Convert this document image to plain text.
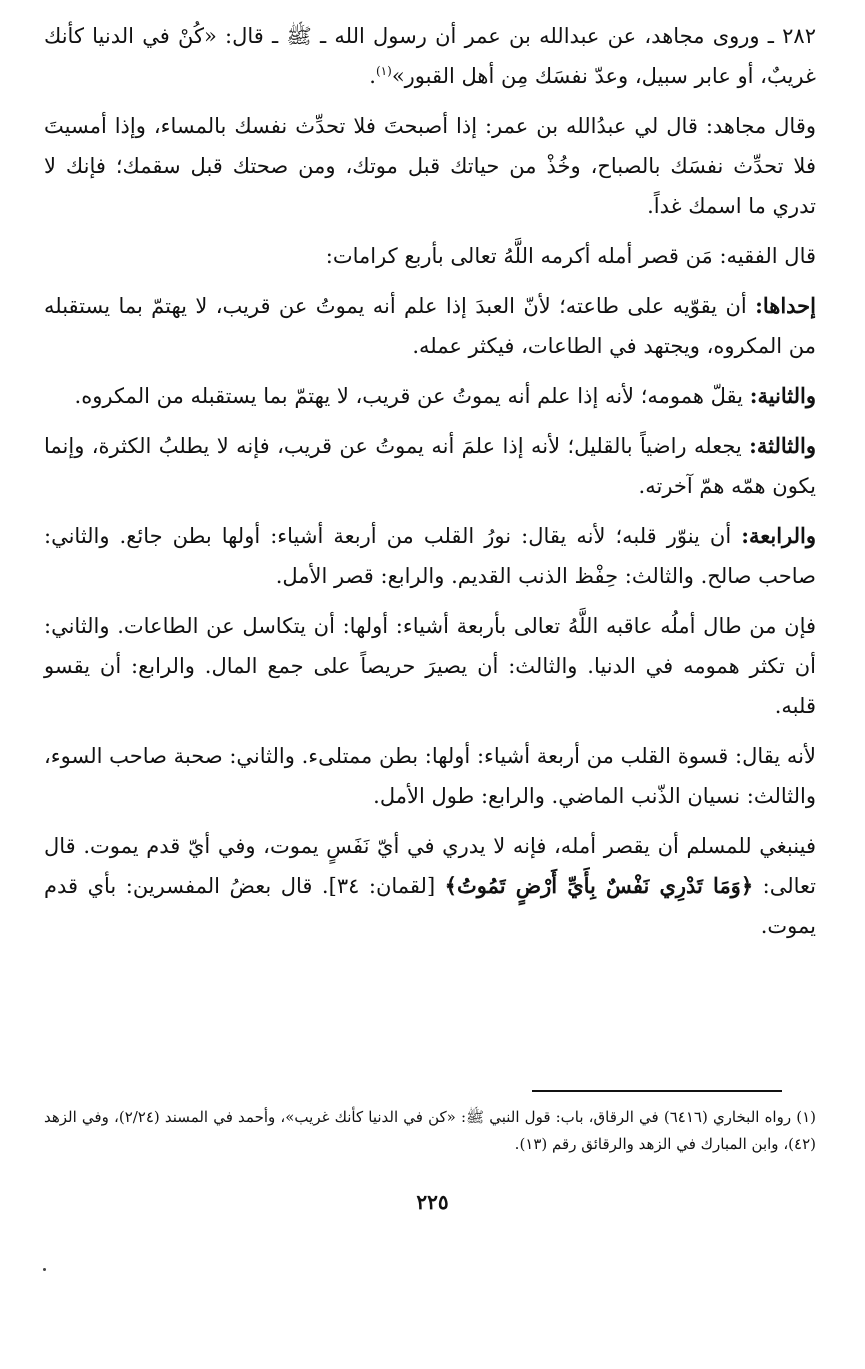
٢٨٢ ـ وروى مجاهد، عن عبدالله بن عمر أن رسول الله ـ ﷺ ـ قال: «كُنْ في الدنيا كأنك غريبٌ، أو عابر سبيل، وعدّ نفسَك مِن أهل القبور»$^{(١)}$.

وقال مجاهد: قال لي عبدُالله بن عمر: إذا أصبحتَ فلا تحدِّث نفسك بالمساء، وإذا أمسيتَ فلا تحدِّث نفسَك بالصباح، وخُذْ من حياتك قبل موتك، ومن صحتك قبل سقمك؛ فإنك لا تدري ما اسمك غداً.

قال الفقيه: مَن قصر أمله أكرمه اللَّهُ تعالى بأربع كرامات:

إحداها: أن يقوّيه على طاعته؛ لأنّ العبدَ إذا علم أنه يموتُ عن قريب، لا يهتمّ بما يستقبله من المكروه، ويجتهد في الطاعات، فيكثر عمله.

والثانية: يقلّ همومه؛ لأنه إذا علم أنه يموتُ عن قريب، لا يهتمّ بما يستقبله من المكروه.

والثالثة: يجعله راضياً بالقليل؛ لأنه إذا علمَ أنه يموتُ عن قريب، فإنه لا يطلبُ الكثرة، وإنما يكون همّه همّ آخرته.

والرابعة: أن ينوّر قلبه؛ لأنه يقال: نورُ القلب من أربعة أشياء: أولها بطن جائع. والثاني: صاحب صالح. والثالث: حِفْظ الذنب القديم. والرابع: قصر الأمل.

فإن من طال أملُه عاقبه اللَّهُ تعالى بأربعة أشياء: أولها: أن يتكاسل عن الطاعات. والثاني: أن تكثر همومه في الدنيا. والثالث: أن يصيرَ حريصاً على جمع المال. والرابع: أن يقسو قلبه.

لأنه يقال: قسوة القلب من أربعة أشياء: أولها: بطن ممتلىء. والثاني: صحبة صاحب السوء، والثالث: نسيان الذّنب الماضي. والرابع: طول الأمل.

فينبغي للمسلم أن يقصر أمله، فإنه لا يدري في أيّ نَفَسٍ يموت، وفي أيّ قدم يموت. قال تعالى: ﴿وَمَا تَدْرِي نَفْسٌ بِأَيِّ أَرْضٍ تَمُوتُ﴾ [لقمان: ٣٤]. قال بعضُ المفسرين: بأي قدم يموت.

(١) رواه البخاري (٦٤١٦) في الرقاق، باب: قول النبي ﷺ: «كن في الدنيا كأنك غريب»، وأحمد في المسند (٢/٢٤)، وفي الزهد (٤٢)، وابن المبارك في الزهد والرقائق رقم (١٣).
٢٢٥
